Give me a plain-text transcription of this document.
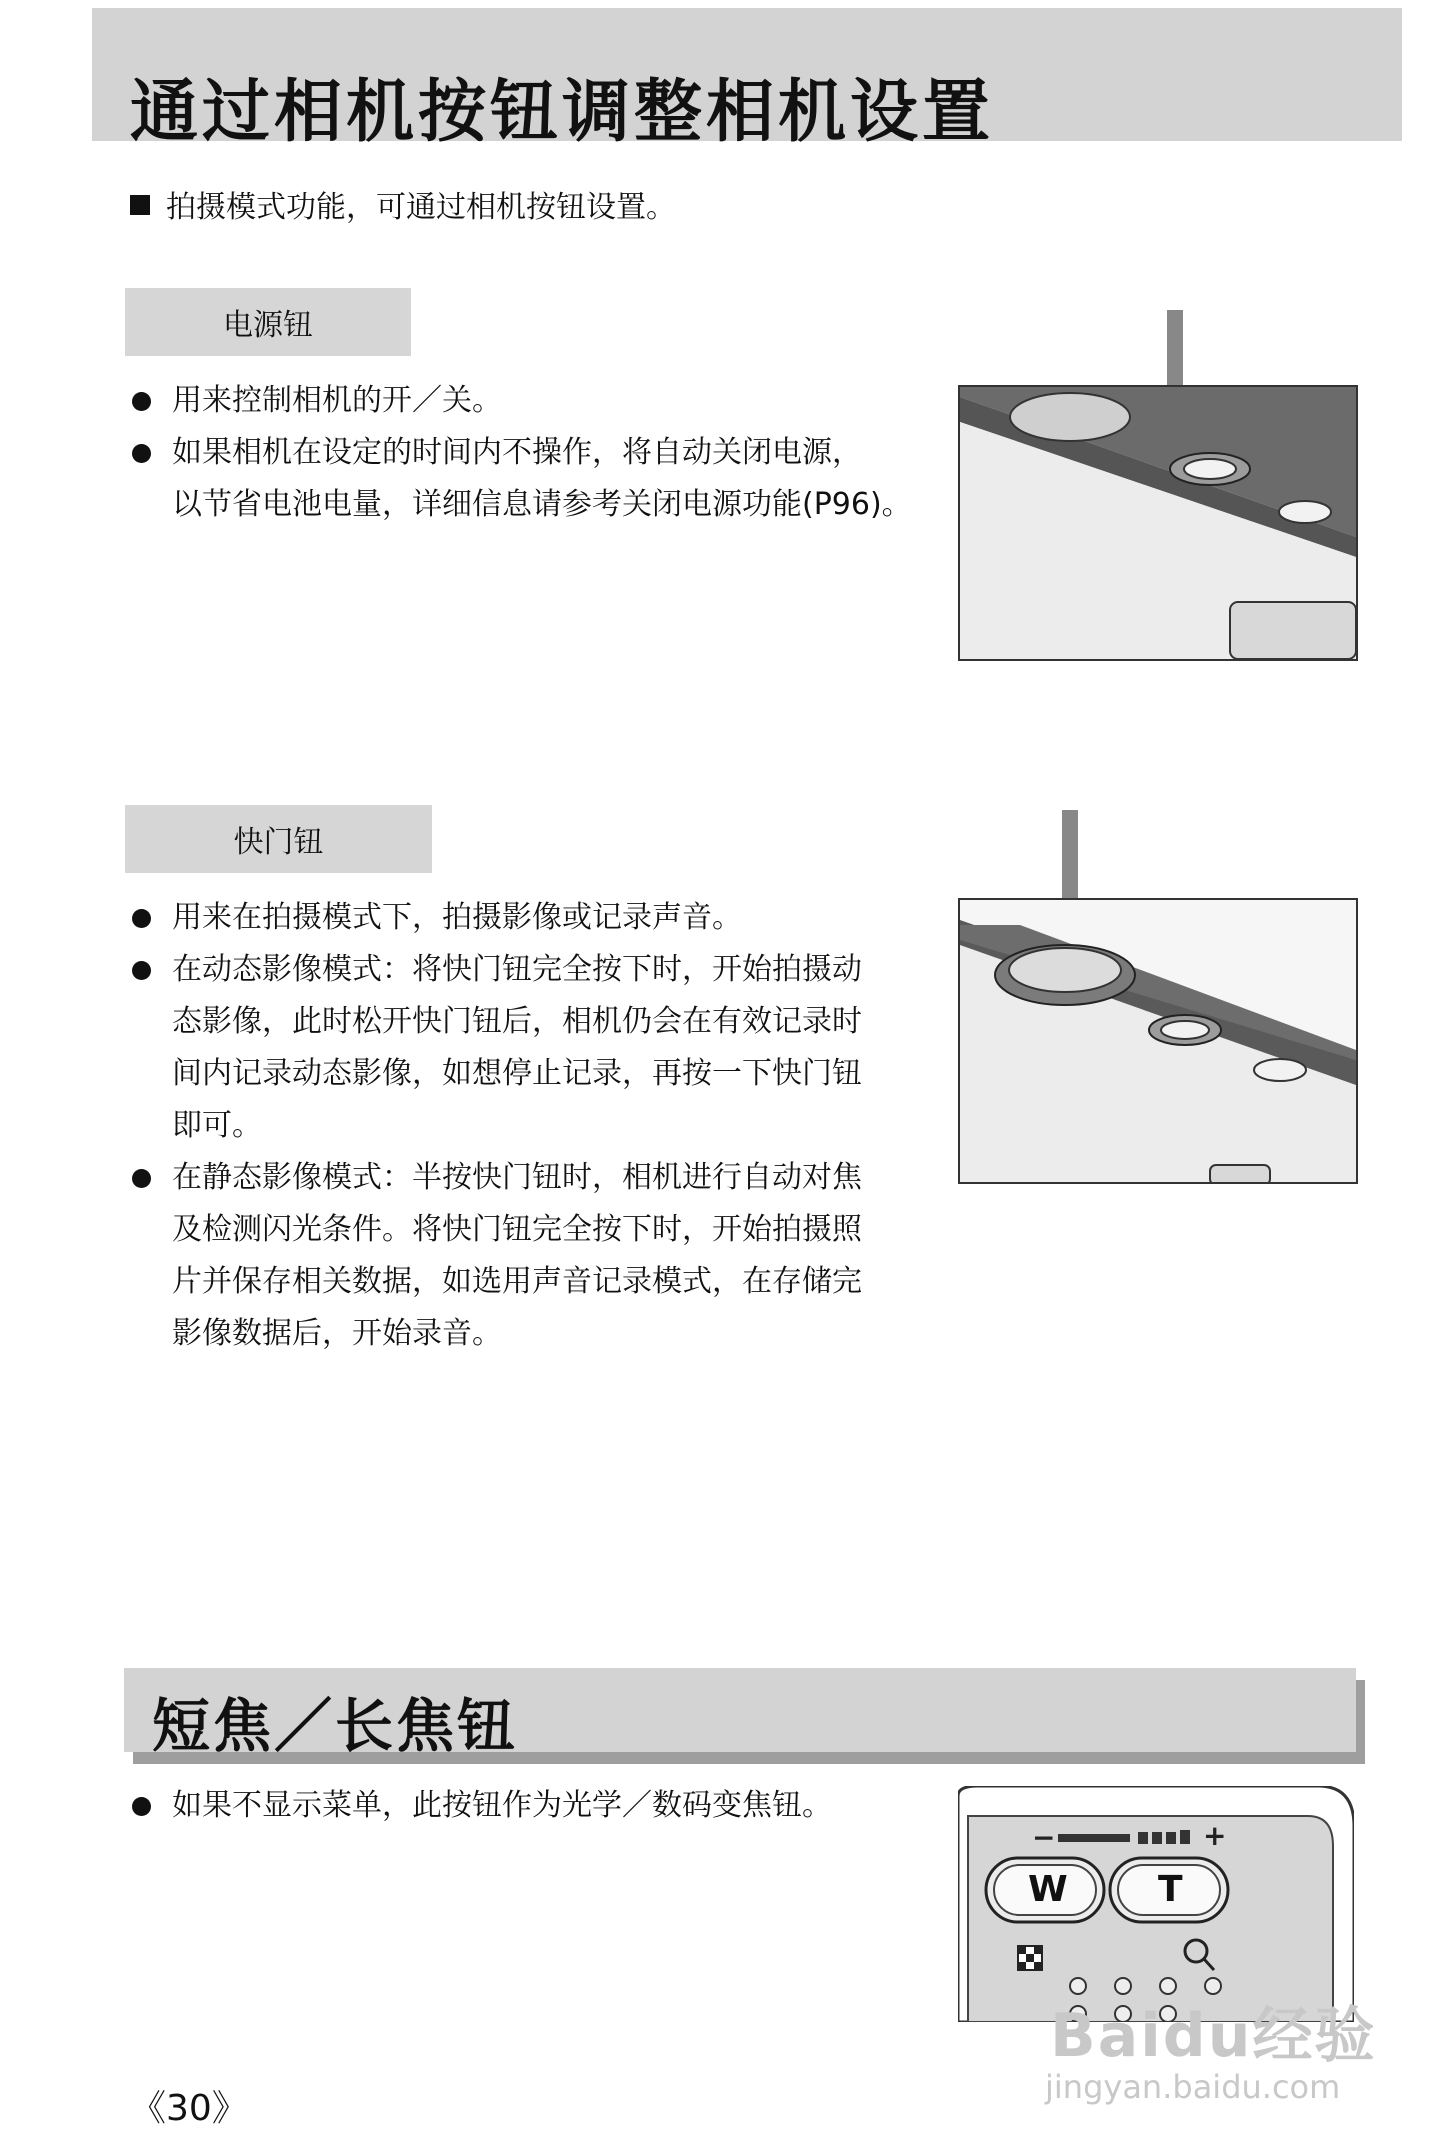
通过相机按钮调整相机设置
拍摄模式功能，可通过相机按钮设置。
电源钮
用来控制相机的开／关。
如果相机在设定的时间内不操作，将自动关闭电源，
以节省电池电量，详细信息请参考关闭电源功能(P96)。
快门钮
用来在拍摄模式下，拍摄影像或记录声音。
在动态影像模式：将快门钮完全按下时，开始拍摄动
态影像，此时松开快门钮后，相机仍会在有效记录时
间内记录动态影像，如想停止记录，再按一下快门钮
即可。
在静态影像模式：半按快门钮时，相机进行自动对焦
及检测闪光条件。将快门钮完全按下时，开始拍摄照
片并保存相关数据，如选用声音记录模式，在存储完
影像数据后，开始录音。
短焦／长焦钮
如果不显示菜单，此按钮作为光学／数码变焦钮。
−	+
W	T
《30》
Baidu经验
jingyan.baidu.com
